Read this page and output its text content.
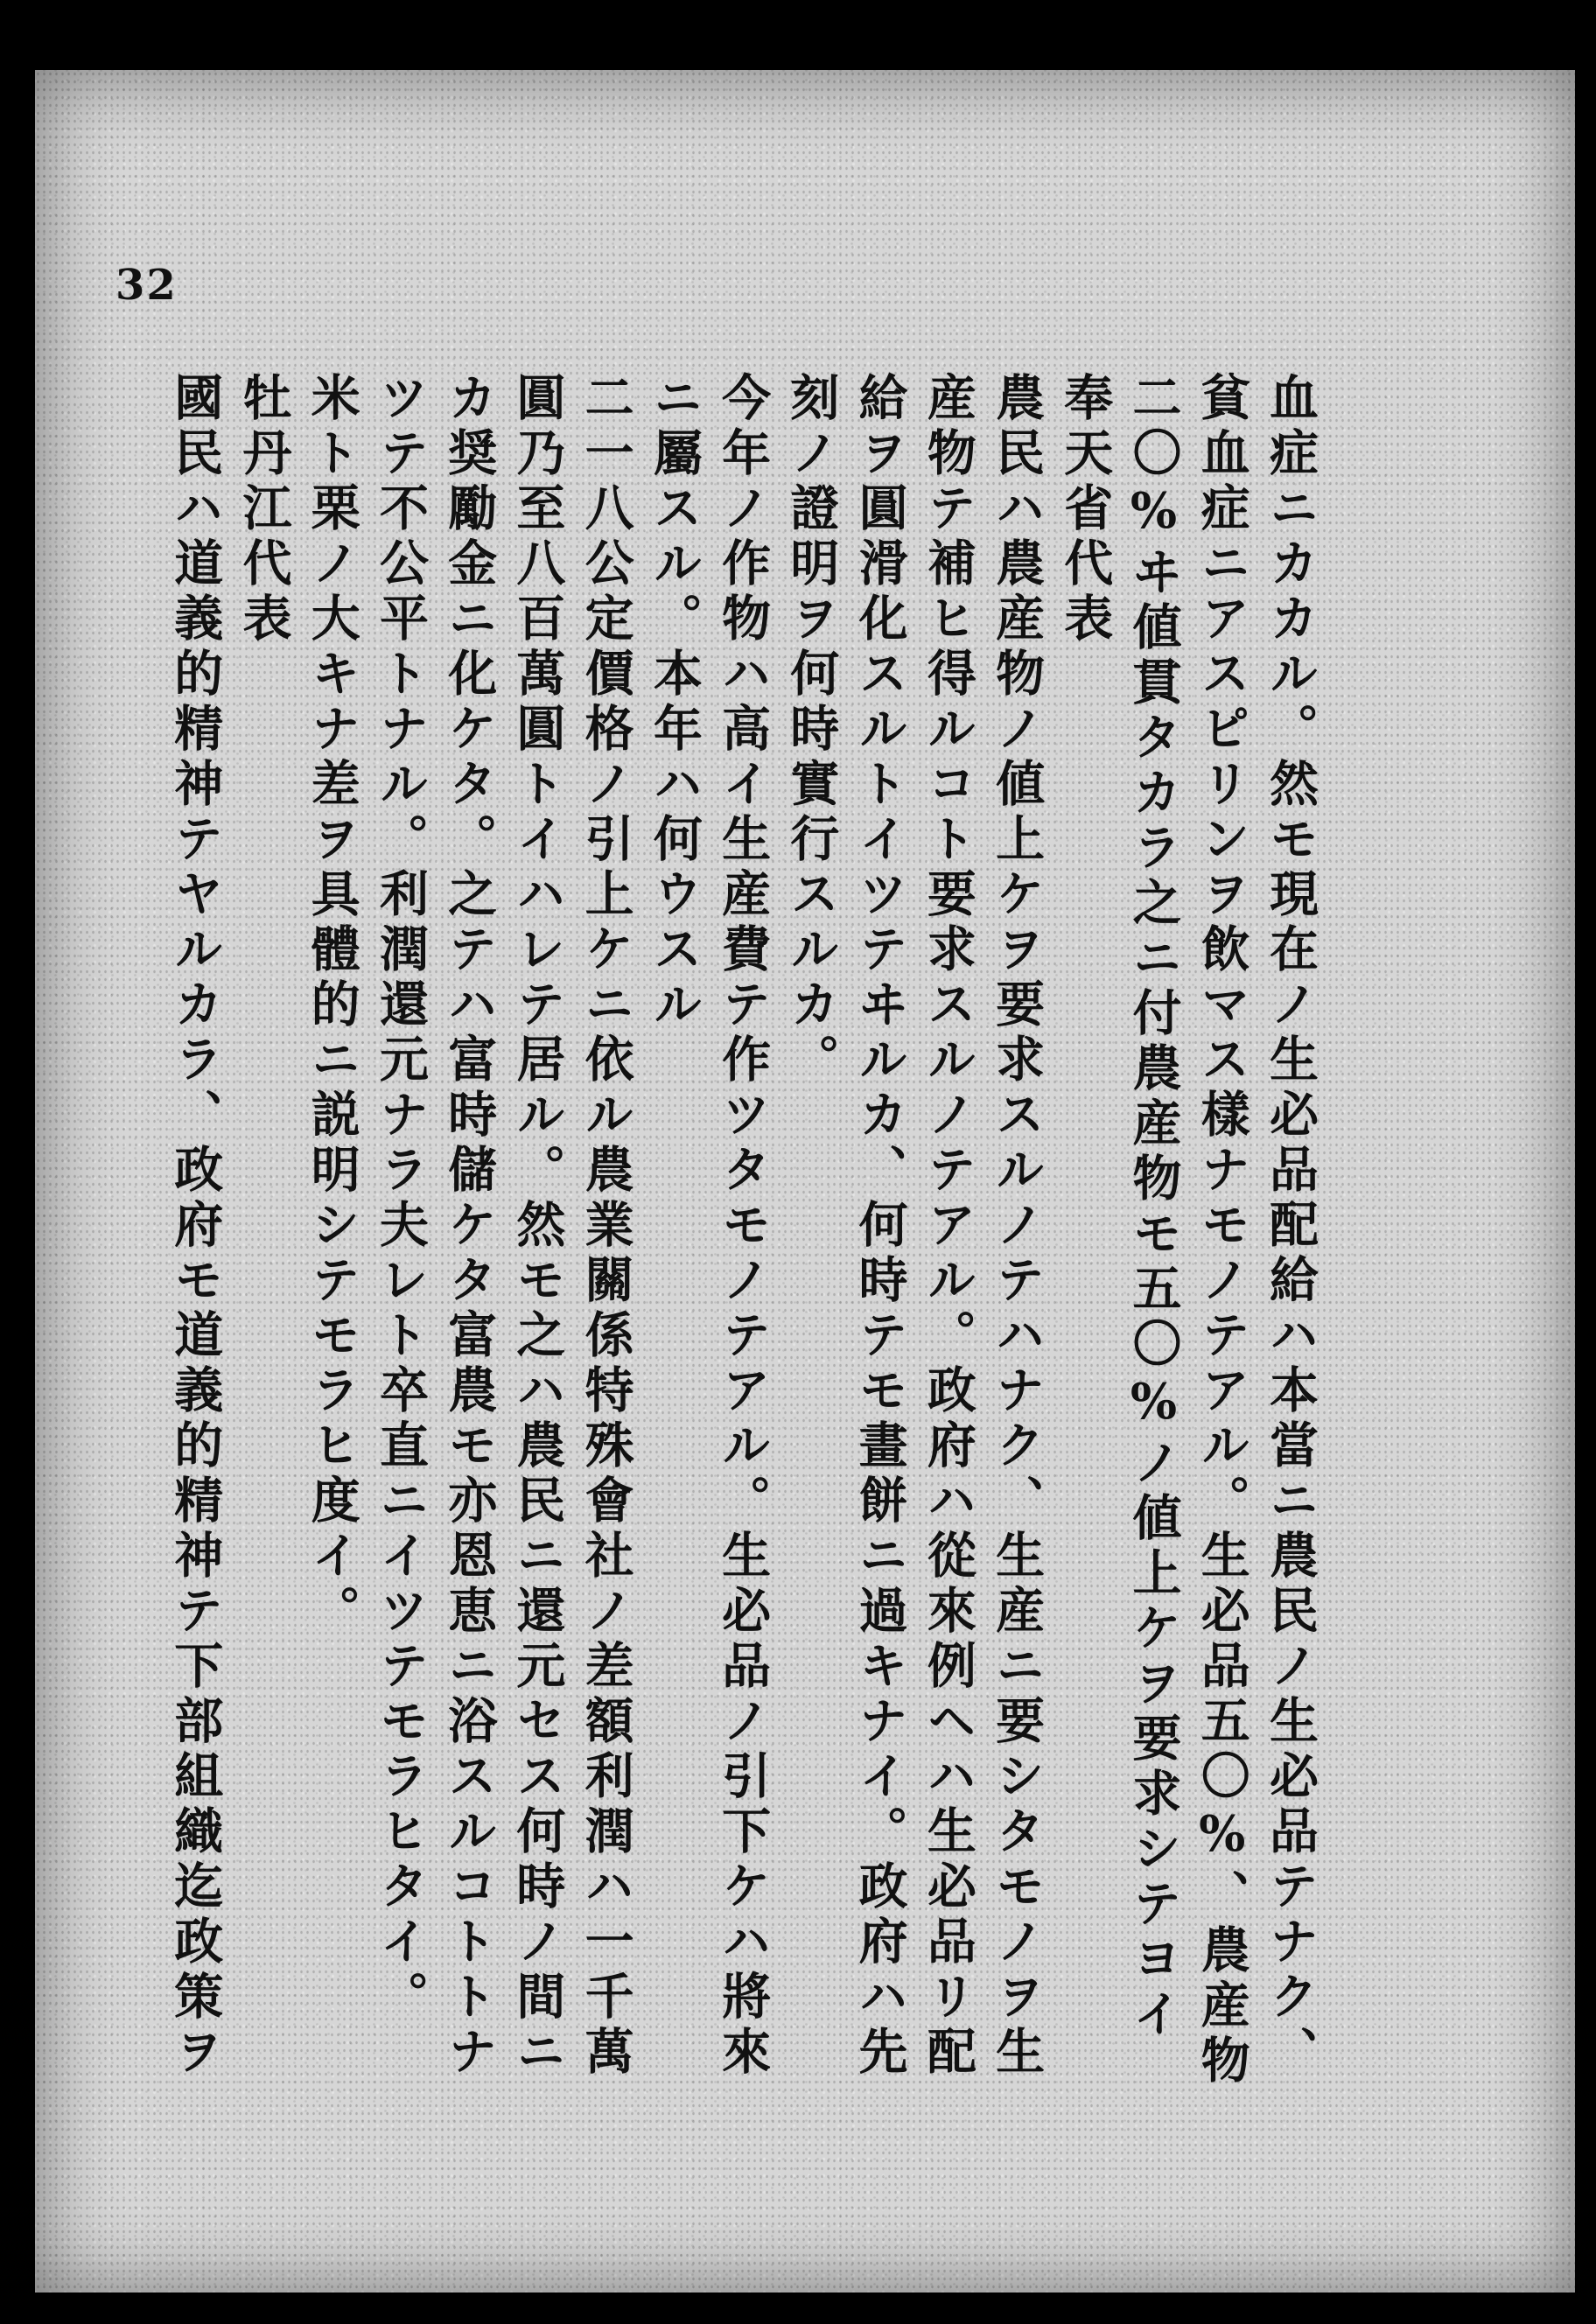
32

血症ニカカル。然モ現在ノ生必品配給ハ本當ニ農民ノ生必品テナク、

貧血症ニアスピリンヲ飲マス樣ナモノテアル。生必品五〇%、農産物

二〇%ヰ値貫タカラ之ニ付農産物モ五〇%ノ値上ケヲ要求シテヨイ

奉天省代表

農民ハ農産物ノ値上ケヲ要求スルノテハナク、生産ニ要シタモノヲ生

産物テ補ヒ得ルコト要求スルノテアル。政府ハ從來例ヘハ生必品リ配

給ヲ圓滑化スルトイツテヰルカ、何時テモ畫餅ニ過キナイ。政府ハ先

刻ノ證明ヲ何時實行スルカ。

今年ノ作物ハ高イ生産費テ作ツタモノテアル。生必品ノ引下ケハ將來

ニ屬スル。本年ハ何ウスル

二一八公定價格ノ引上ケニ依ル農業關係特殊會社ノ差額利潤ハ一千萬

圓乃至八百萬圓トイハレテ居ル。然モ之ハ農民ニ還元セス何時ノ間ニ

カ奨勵金ニ化ケタ。之テハ富時儲ケタ富農モ亦恩恵ニ浴スルコトトナ

ツテ不公平トナル。利潤還元ナラ夫レト卒直ニイツテモラヒタイ。

米ト栗ノ大キナ差ヲ具體的ニ説明シテモラヒ度イ。

牡丹江代表

國民ハ道義的精神テヤルカラ、政府モ道義的精神テ下部組織迄政策ヲ
